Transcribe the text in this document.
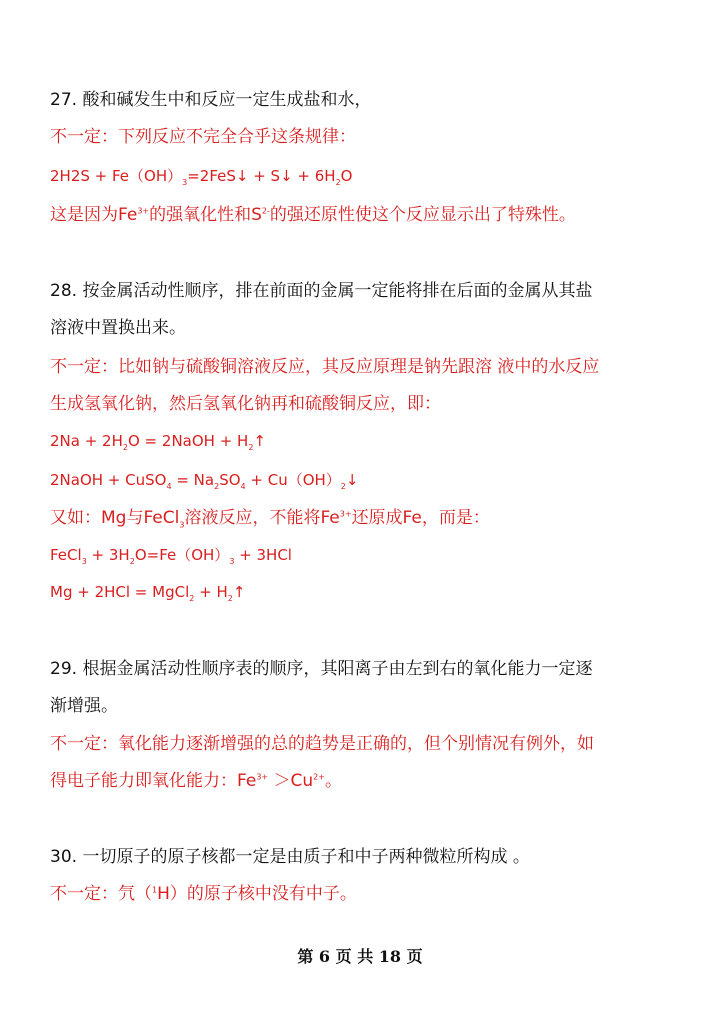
27. 酸和碱发生中和反应一定生成盐和水，
不一定：下列反应不完全合乎这条规律：
$2H2S + Fe(OH)_3=2FeS↓$ + S↓ + $6H_2O$
这是因为$Fe^{3+}$的强氧化性和$S^{2-}$的强还原性使这个反应显示出了特殊性。
28. 按金属活动性顺序，排在前面的金属一定能将排在后面的金属从其盐
溶液中置换出来。
不一定：比如钠与硫酸铜溶液反应，其反应原理是钠先跟溶 液中的水反应
生成氢氧化钠，然后氢氧化钠再和硫酸铜反应，即：
$2Na + 2H_2O$ = 2NaOH + $H_2↑$
2NaOH + CuSO$_4$ = $Na_2SO_4$ + $Cu(OH)_2↓$
又如：Mg与FeCl$_3$溶液反应，不能将$Fe^{3+}$还原成Fe，而是：
FeCl$_3$ + $3H_2O=Fe(OH)_3 + 3HCl$
Mg + 2HCl = MgCl$_2$ + $H_2↑$
29. 根据金属活动性顺序表的顺序，其阳离子由左到右的氧化能力一定逐
渐增强。
不一定：氧化能力逐渐增强的总的趋势是正确的，但个别情况有例外，如
得电子能力即氧化能力：$Fe^{3+} >Cu^{2+}$。
30. 一切原子的原子核都一定是由质子和中子两种微粒所构成 。
不一定：氕（$^1$H）的原子核中没有中子。
第 6 页 共 18 页
